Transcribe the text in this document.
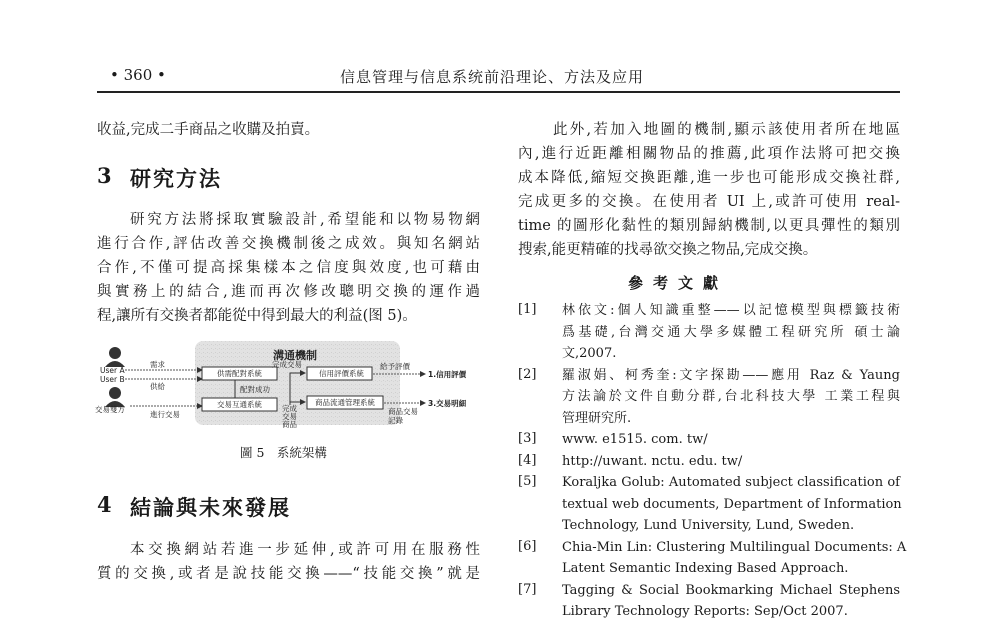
• 360 •	信息管理与信息系统前沿理论、方法及应用
收益,完成二手商品之收購及拍賣。
3 研究方法
研究方法將採取實驗設計,希望能和以物易物網
進行合作,評估改善交換機制後之成效。與知名網站
合作,不僅可提高採集樣本之信度與效度,也可藉由
與實務上的結合,進而再次修改聰明交換的運作過
程,讓所有交換者都能從中得到最大的利益(图 5)。
溝通機制
User A
User B
交易雙方
需求
供給
進行交易
供需配對系統
交易互通系統
配對成功
完成交易
信用評價系統
商品流通管理系統
完成
交易
商品
給予評價
商品交易
記錄
1.信用評價
3.交易明細
圖 5　系統架構
4 結論與未來發展
本交換網站若進一步延伸,或許可用在服務性
質的交換,或者是說技能交換——“技能交換”就是
此外,若加入地圖的機制,顯示該使用者所在地區
內,進行近距離相關物品的推薦,此項作法將可把交換
成本降低,縮短交換距離,進一步也可能形成交換社群,
完成更多的交換。在使用者 UI 上,或許可使用 real-
time 的圖形化黏性的類別歸納機制,以更具彈性的類別
搜索,能更精確的找尋欲交換之物品,完成交換。
參考文獻
[1] 林依文:個人知識重整——以記憶模型與標籤技術
爲基礎,台灣交通大學多媒體工程研究所 碩士論
文,2007.
[2] 羅淑娟、柯秀奎:文字探勘——應用 Raz & Yaung
方法論於文件自動分群,台北科技大學 工業工程與
管理研究所.
[3] www. e1515. com. tw/
[4] http://uwant. nctu. edu. tw/
[5] Koraljka Golub: Automated subject classification of
textual web documents, Department of Information
Technology, Lund University, Lund, Sweden.
[6] Chia-Min Lin: Clustering Multilingual Documents: A
Latent Semantic Indexing Based Approach.
[7] Tagging & Social Bookmarking Michael Stephens
Library Technology Reports: Sep/Oct 2007.
